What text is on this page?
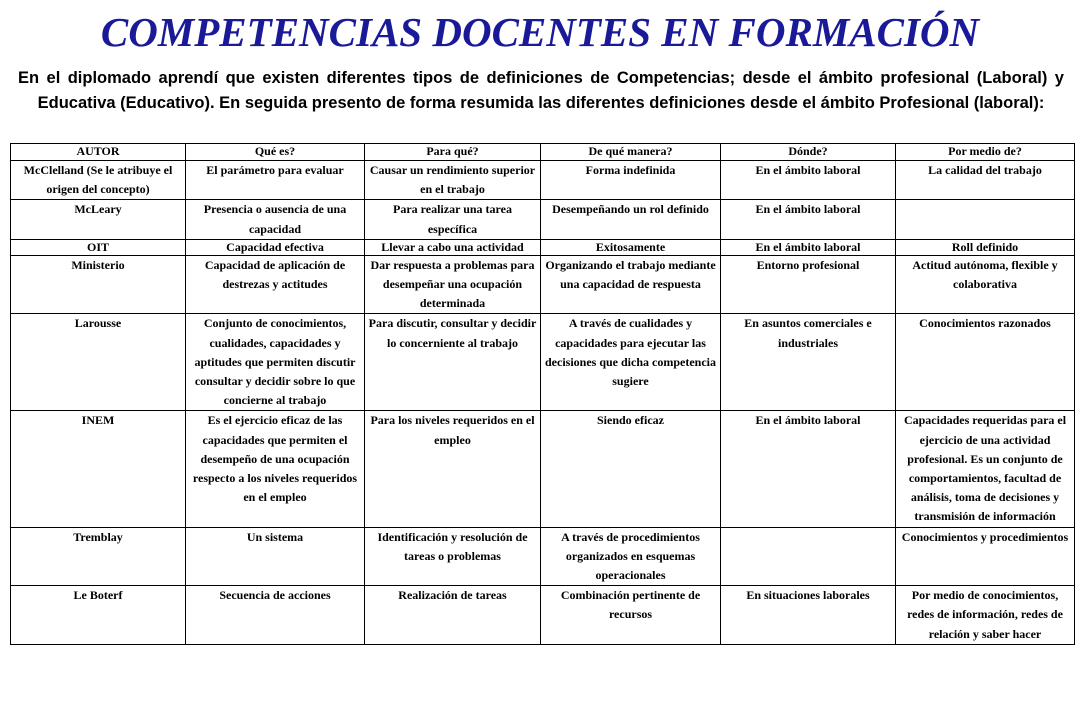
COMPETENCIAS DOCENTES EN FORMACIÓN

En el diplomado aprendí que existen diferentes tipos de definiciones de Competencias; desde el ámbito profesional (Laboral) y Educativa (Educativo). En seguida presento de forma resumida las diferentes definiciones desde el ámbito Profesional (laboral):

AUTOR	Qué es?	Para qué?	De qué manera?	Dónde?	Por medio de?
McClelland (Se le atribuye el origen del concepto)	El parámetro para evaluar	Causar un rendimiento superior en el trabajo	Forma indefinida	En el ámbito laboral	La calidad del trabajo
McLeary	Presencia o ausencia de una capacidad	Para realizar una tarea específica	Desempeñando un rol definido	En el ámbito laboral	
OIT	Capacidad efectiva	Llevar a cabo una actividad	Exitosamente	En el ámbito laboral	Roll definido
Ministerio	Capacidad de aplicación de destrezas y actitudes	Dar respuesta a problemas para desempeñar una ocupación determinada	Organizando el trabajo mediante una capacidad de respuesta	Entorno profesional	Actitud autónoma, flexible y colaborativa
Larousse	Conjunto de conocimientos, cualidades, capacidades y aptitudes que permiten discutir consultar y decidir sobre lo que concierne al trabajo	Para discutir, consultar y decidir lo concerniente al trabajo	A través de cualidades y capacidades para ejecutar las decisiones que dicha competencia sugiere	En asuntos comerciales e industriales	Conocimientos razonados
INEM	Es el ejercicio eficaz de las capacidades que permiten el desempeño de una ocupación respecto a los niveles requeridos en el empleo	Para los niveles requeridos en el empleo	Siendo eficaz	En el ámbito laboral	Capacidades requeridas para el ejercicio de una actividad profesional. Es un conjunto de comportamientos, facultad de análisis, toma de decisiones y transmisión de información
Tremblay	Un sistema	Identificación y resolución de tareas o problemas	A través de procedimientos organizados en esquemas operacionales		Conocimientos y procedimientos
Le Boterf	Secuencia de acciones	Realización de tareas	Combinación pertinente de recursos	En situaciones laborales	Por medio de conocimientos, redes de información, redes de relación y saber hacer
